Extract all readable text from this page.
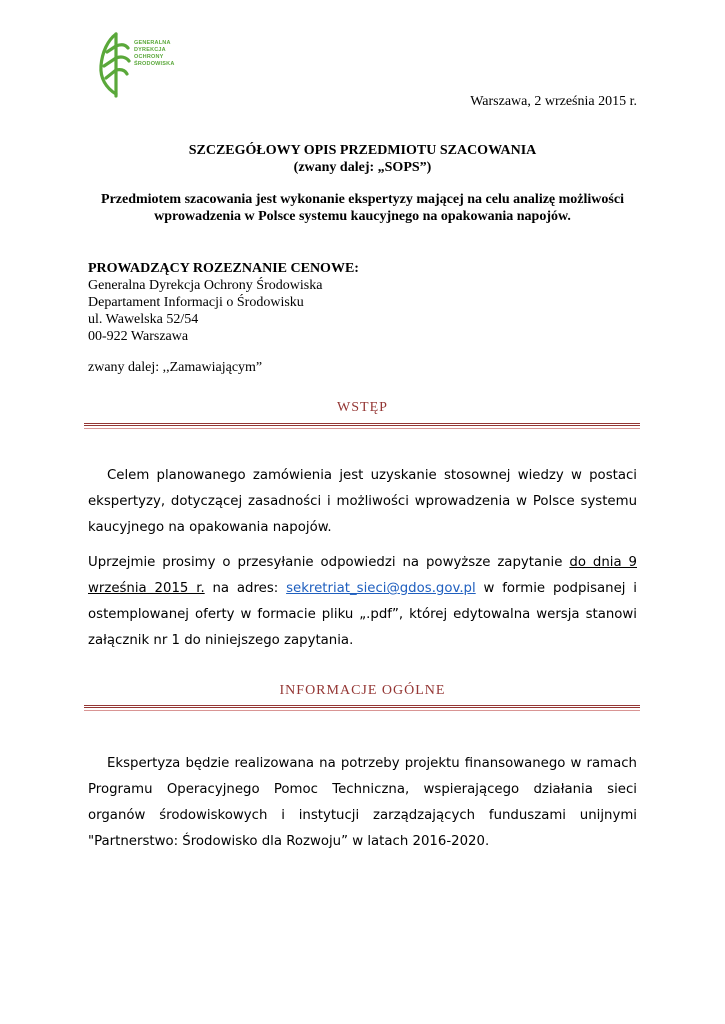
GENERALNA
DYREKCJA
OCHRONY
ŚRODOWISKA
Warszawa, 2 września 2015 r.
SZCZEGÓŁOWY OPIS PRZEDMIOTU SZACOWANIA
(zwany dalej: „SOPS”)
Przedmiotem szacowania jest wykonanie ekspertyzy mającej na celu analizę możliwości
wprowadzenia w Polsce systemu kaucyjnego na opakowania napojów.
PROWADZĄCY ROZEZNANIE CENOWE:
Generalna Dyrekcja Ochrony Środowiska
Departament Informacji o Środowisku
ul. Wawelska 52/54
00-922 Warszawa
zwany dalej: ,,Zamawiającym”
WSTĘP
Celem planowanego zamówienia jest uzyskanie stosownej wiedzy w postaci ekspertyzy, dotyczącej zasadności i możliwości wprowadzenia w Polsce systemu kaucyjnego na opakowania napojów.
Uprzejmie prosimy o przesyłanie odpowiedzi na powyższe zapytanie do dnia 9 września 2015 r. na adres: sekretriat_sieci@gdos.gov.pl w formie podpisanej i ostemplowanej oferty w formacie pliku „.pdf”, której edytowalna wersja stanowi załącznik nr 1 do niniejszego zapytania.
INFORMACJE OGÓLNE
Ekspertyza będzie realizowana na potrzeby projektu finansowanego w ramach Programu Operacyjnego Pomoc Techniczna, wspierającego działania sieci organów środowiskowych i instytucji zarządzających funduszami unijnymi "Partnerstwo: Środowisko dla Rozwoju” w latach 2016-2020.
